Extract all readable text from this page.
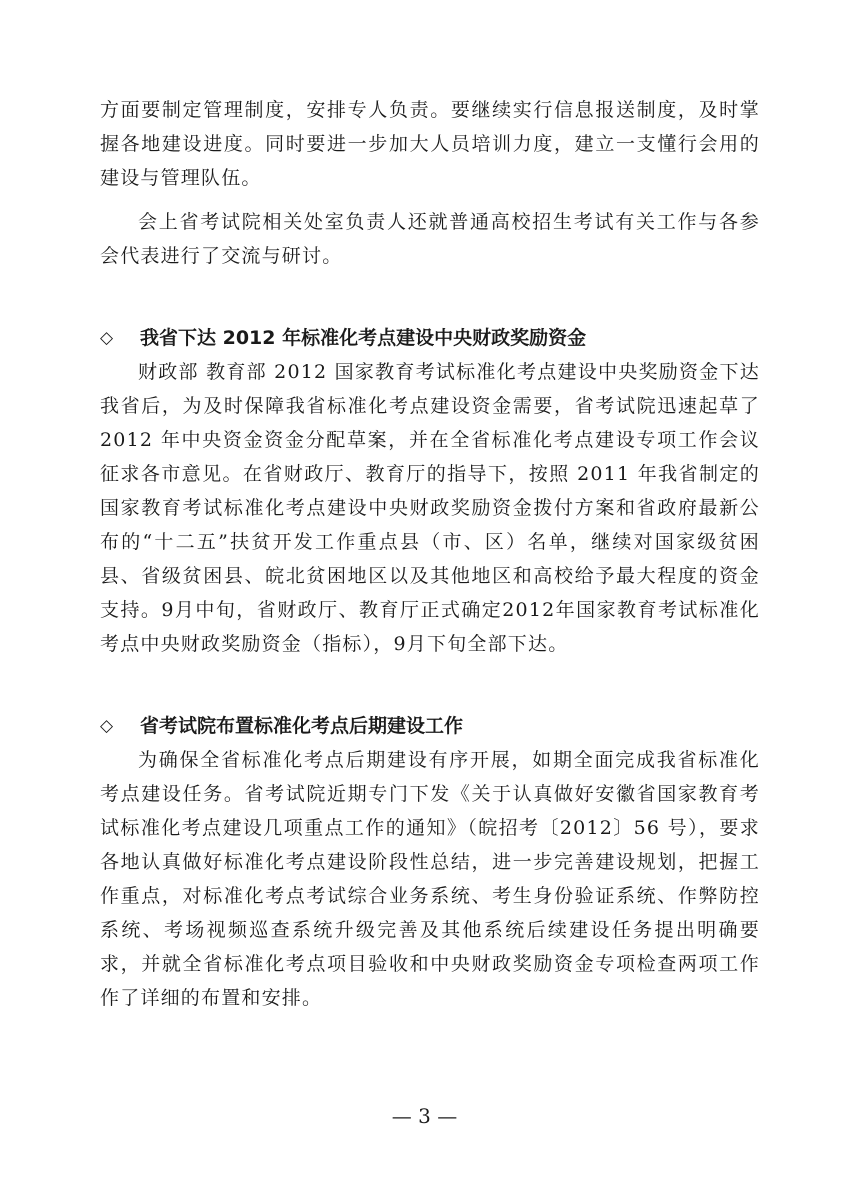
方面要制定管理制度，安排专人负责。要继续实行信息报送制度，及时掌握各地建设进度。同时要进一步加大人员培训力度，建立一支懂行会用的建设与管理队伍。

会上省考试院相关处室负责人还就普通高校招生考试有关工作与各参会代表进行了交流与研讨。

◇	我省下达 2012 年标准化考点建设中央财政奖励资金

财政部 教育部 2012 国家教育考试标准化考点建设中央奖励资金下达我省后，为及时保障我省标准化考点建设资金需要，省考试院迅速起草了 2012 年中央资金资金分配草案，并在全省标准化考点建设专项工作会议征求各市意见。在省财政厅、教育厅的指导下，按照 2011 年我省制定的国家教育考试标准化考点建设中央财政奖励资金拨付方案和省政府最新公布的“十二五”扶贫开发工作重点县（市、区）名单，继续对国家级贫困县、省级贫困县、皖北贫困地区以及其他地区和高校给予最大程度的资金支持。9月中旬，省财政厅、教育厅正式确定2012年国家教育考试标准化考点中央财政奖励资金（指标），9月下旬全部下达。

◇	省考试院布置标准化考点后期建设工作

为确保全省标准化考点后期建设有序开展，如期全面完成我省标准化考点建设任务。省考试院近期专门下发《关于认真做好安徽省国家教育考试标准化考点建设几项重点工作的通知》（皖招考〔2012〕56 号），要求各地认真做好标准化考点建设阶段性总结，进一步完善建设规划，把握工作重点，对标准化考点考试综合业务系统、考生身份验证系统、作弊防控系统、考场视频巡查系统升级完善及其他系统后续建设任务提出明确要求，并就全省标准化考点项目验收和中央财政奖励资金专项检查两项工作作了详细的布置和安排。

— 3 —
